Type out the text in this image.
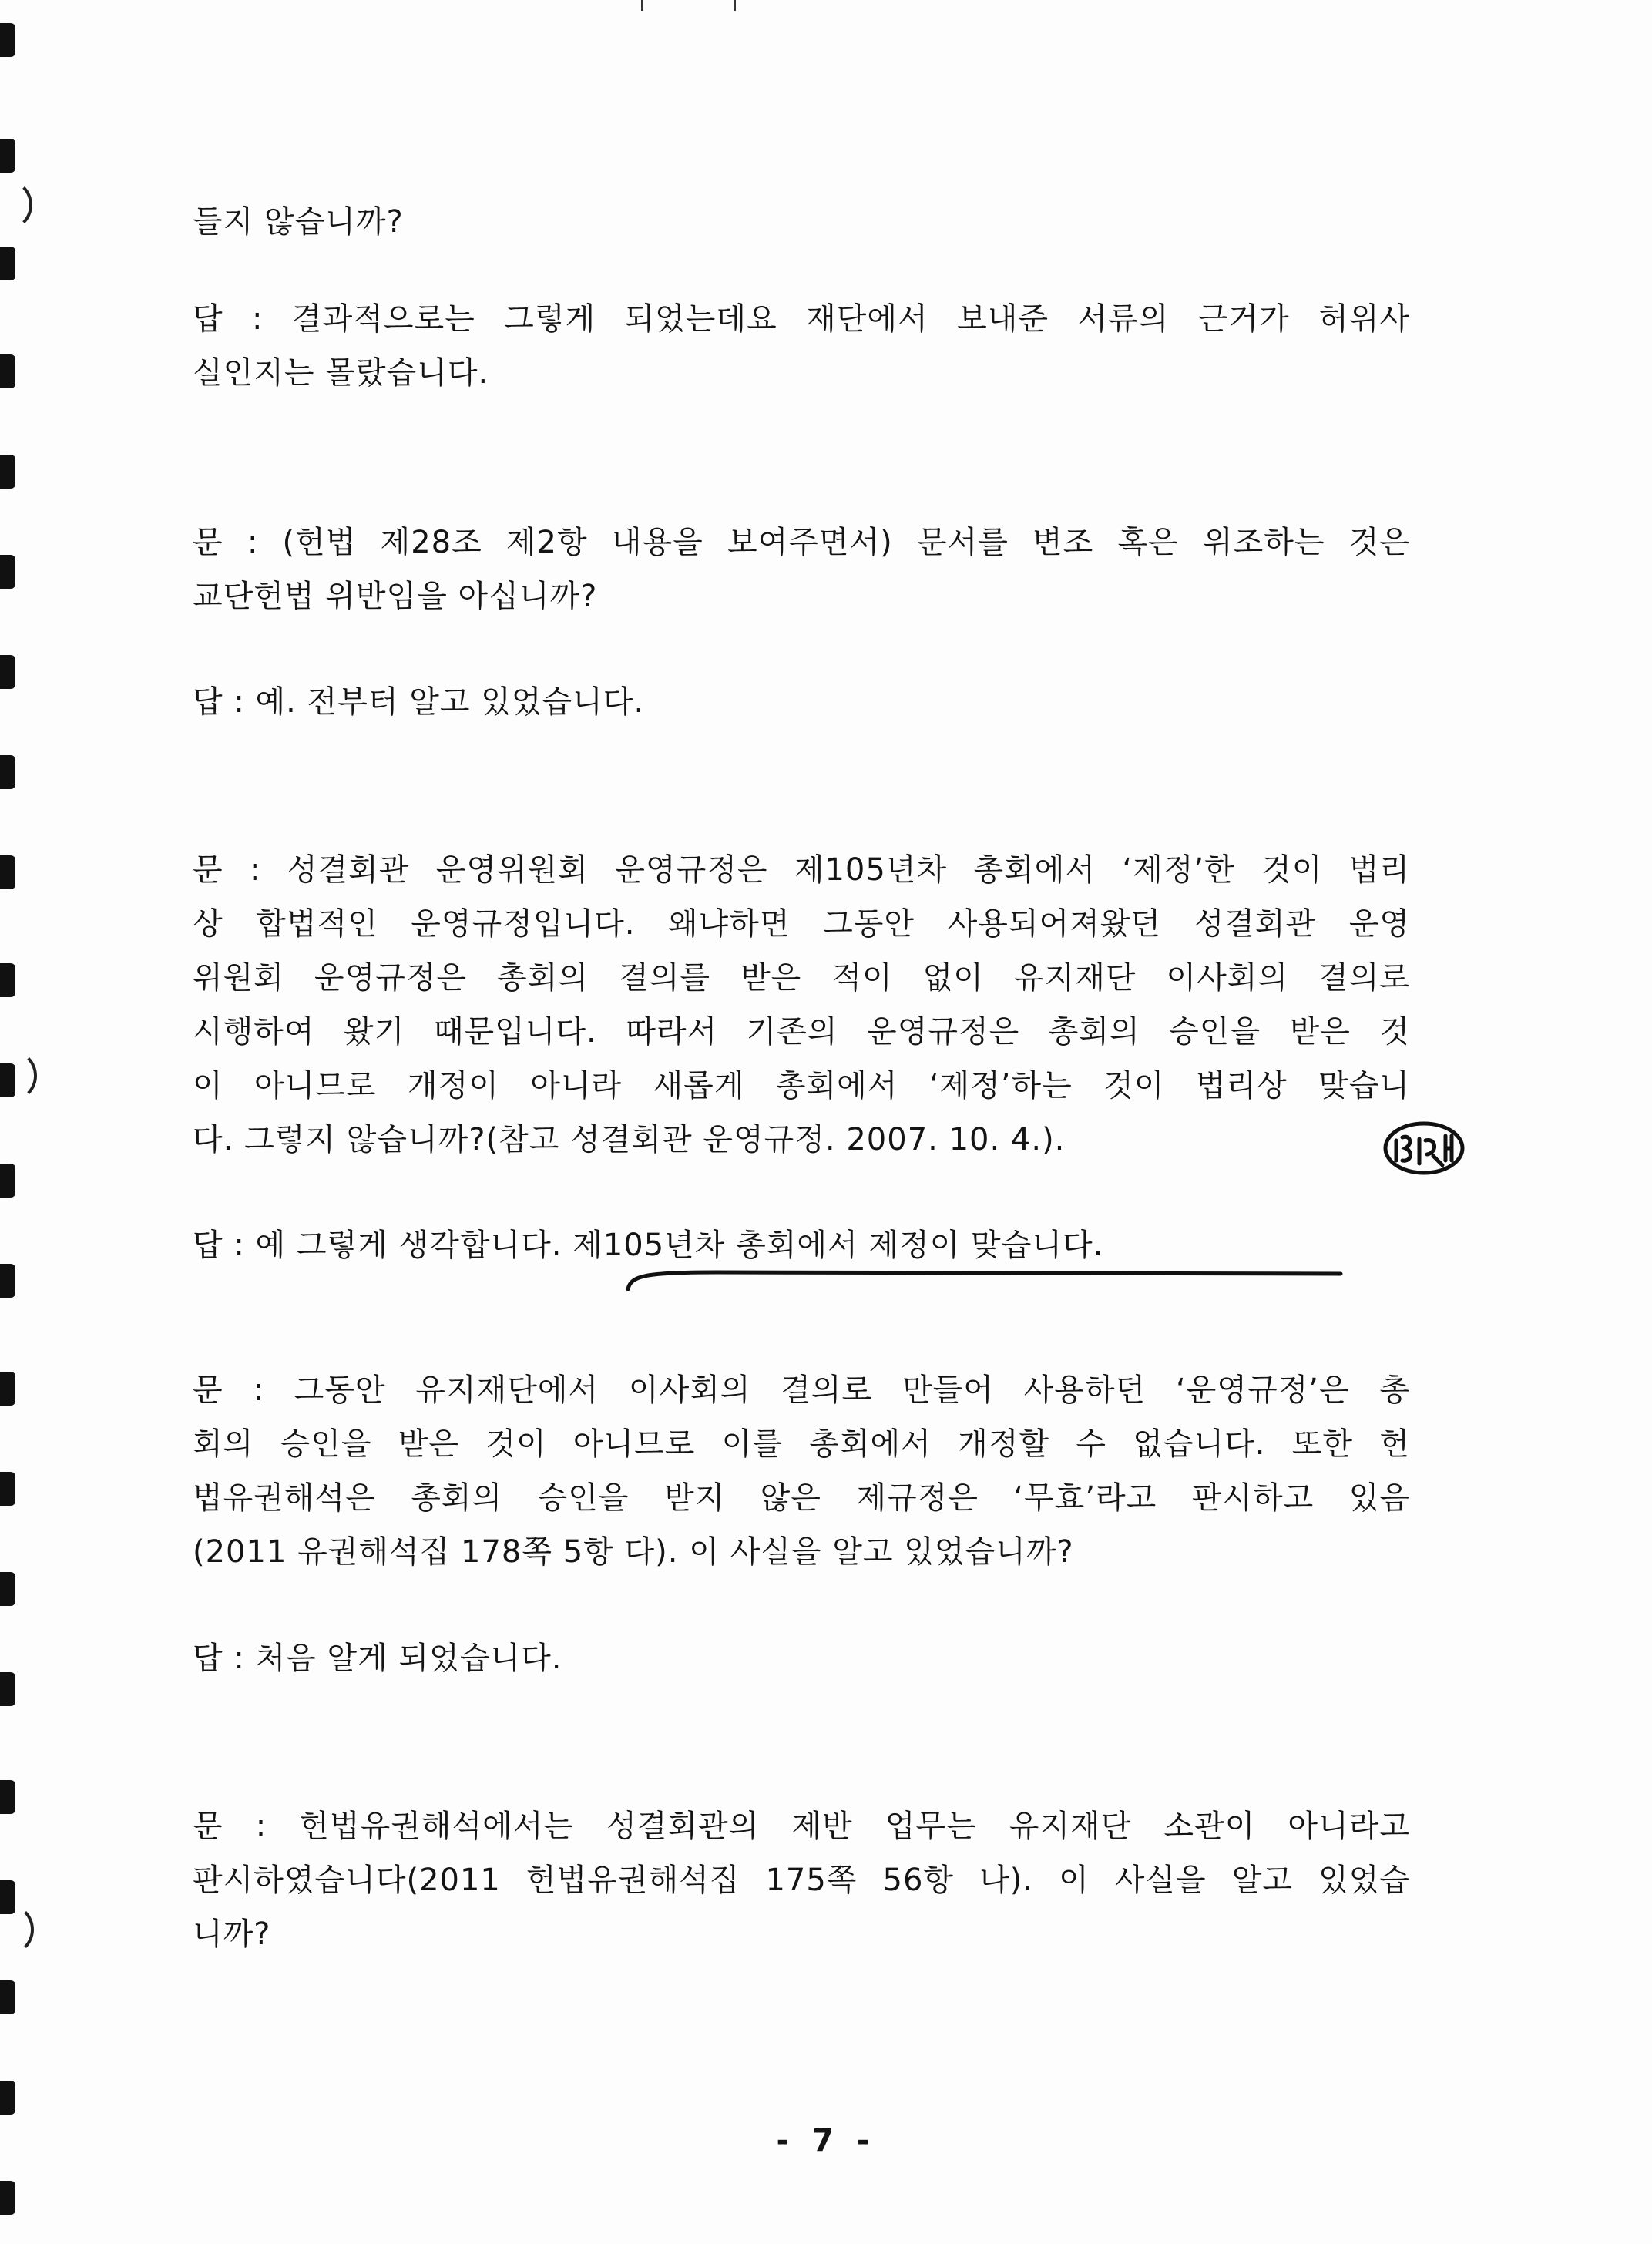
들지 않습니까?
답 : 결과적으로는 그렇게 되었는데요 재단에서 보내준 서류의 근거가 허위사
실인지는 몰랐습니다.
문 : (헌법 제28조 제2항 내용을 보여주면서) 문서를 변조 혹은 위조하는 것은
교단헌법 위반임을 아십니까?
답 : 예. 전부터 알고 있었습니다.
문 : 성결회관 운영위원회 운영규정은 제105년차 총회에서 ‘제정’한 것이 법리
상 합법적인 운영규정입니다. 왜냐하면 그동안 사용되어져왔던 성결회관 운영
위원회 운영규정은 총회의 결의를 받은 적이 없이 유지재단 이사회의 결의로
시행하여 왔기 때문입니다. 따라서 기존의 운영규정은 총회의 승인을 받은 것
이 아니므로 개정이 아니라 새롭게 총회에서 ‘제정’하는 것이 법리상 맞습니
다. 그렇지 않습니까?(참고 성결회관 운영규정. 2007. 10. 4.).
답 : 예 그렇게 생각합니다. 제105년차 총회에서 제정이 맞습니다.
문 : 그동안 유지재단에서 이사회의 결의로 만들어 사용하던 ‘운영규정’은 총
회의 승인을 받은 것이 아니므로 이를 총회에서 개정할 수 없습니다. 또한 헌
법유권해석은 총회의 승인을 받지 않은 제규정은 ‘무효’라고 판시하고 있음
(2011 유권해석집 178쪽 5항 다). 이 사실을 알고 있었습니까?
답 : 처음 알게 되었습니다.
문 : 헌법유권해석에서는 성결회관의 제반 업무는 유지재단 소관이 아니라고
판시하였습니다(2011 헌법유권해석집 175쪽 56항 나). 이 사실을 알고 있었습
니까?
- 7 -
